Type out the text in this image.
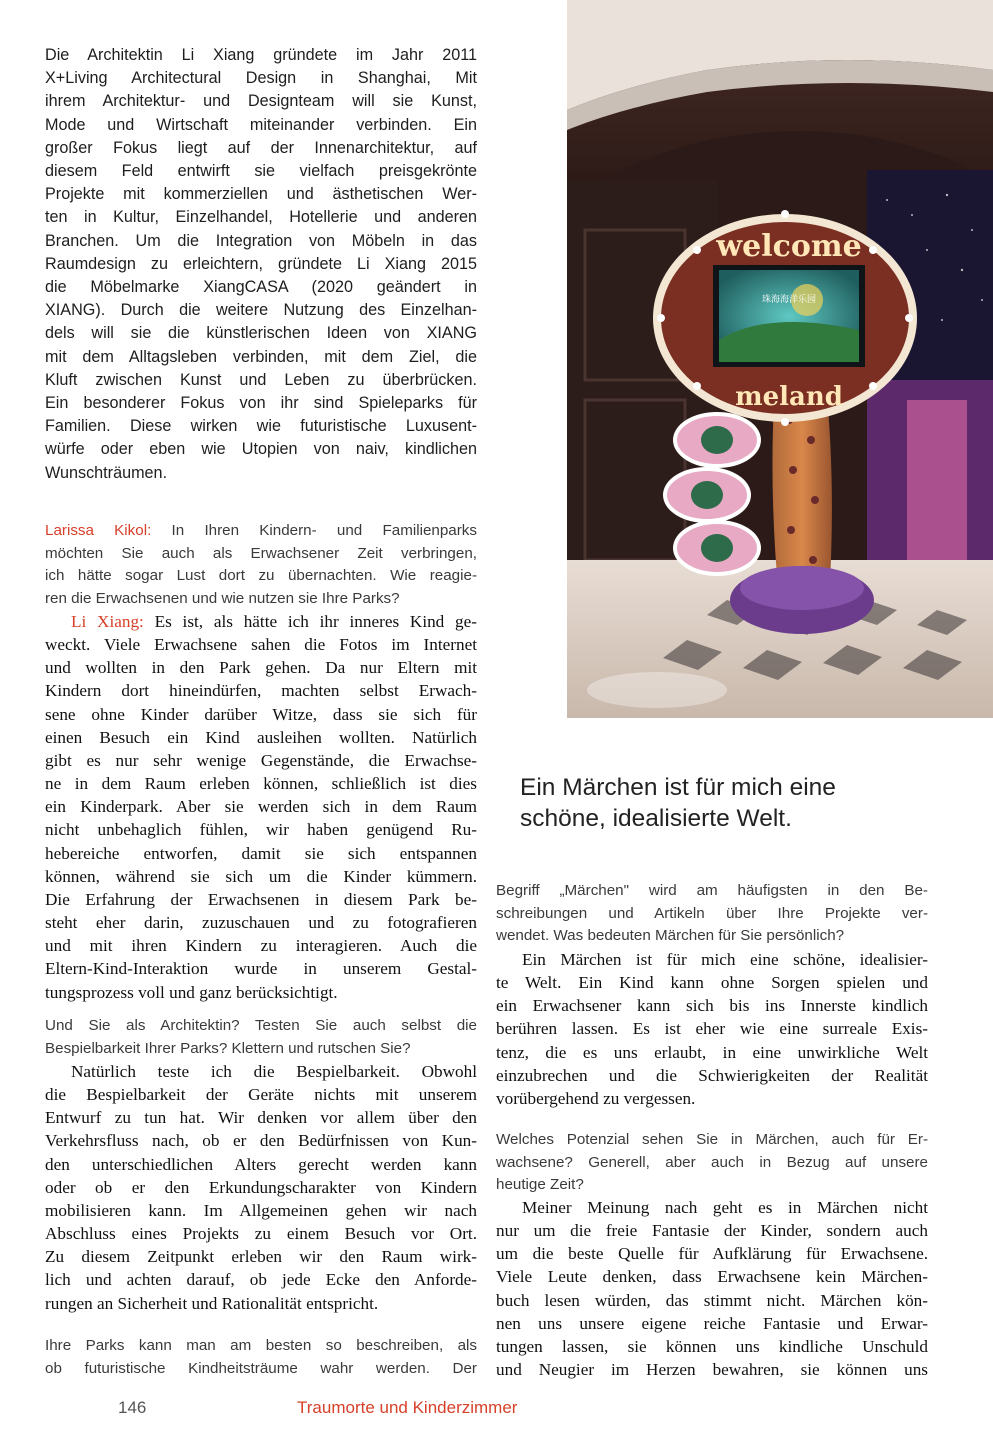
Die Architektin Li Xiang gründete im Jahr 2011

X+Living Architectural Design in Shanghai, Mit

ihrem Architektur- und Designteam will sie Kunst,

Mode und Wirtschaft miteinander verbinden. Ein

großer Fokus liegt auf der Innenarchitektur, auf

diesem Feld entwirft sie vielfach preisgekrönte

Projekte mit kommerziellen und ästhetischen Wer-

ten in Kultur, Einzelhandel, Hotellerie und anderen

Branchen. Um die Integration von Möbeln in das

Raumdesign zu erleichtern, gründete Li Xiang 2015

die Möbelmarke XiangCASA (2020 geändert in

XIANG). Durch die weitere Nutzung des Einzelhan-

dels will sie die künstlerischen Ideen von XIANG

mit dem Alltagsleben verbinden, mit dem Ziel, die

Kluft zwischen Kunst und Leben zu überbrücken.

Ein besonderer Fokus von ihr sind Spieleparks für

Familien. Diese wirken wie futuristische Luxusent-

würfe oder eben wie Utopien von naiv, kindlichen

Wunschträumen.

Larissa Kikol: In Ihren Kindern- und Familienparks

möchten Sie auch als Erwachsener Zeit verbringen,

ich hätte sogar Lust dort zu übernachten. Wie reagie-

ren die Erwachsenen und wie nutzen sie Ihre Parks?

Li Xiang: Es ist, als hätte ich ihr inneres Kind ge-

weckt. Viele Erwachsene sahen die Fotos im Internet

und wollten in den Park gehen. Da nur Eltern mit

Kindern dort hineindürfen, machten selbst Erwach-

sene ohne Kinder darüber Witze, dass sie sich für

einen Besuch ein Kind ausleihen wollten. Natürlich

gibt es nur sehr wenige Gegenstände, die Erwachse-

ne in dem Raum erleben können, schließlich ist dies

ein Kinderpark. Aber sie werden sich in dem Raum

nicht unbehaglich fühlen, wir haben genügend Ru-

hebereiche entworfen, damit sie sich entspannen

können, während sie sich um die Kinder kümmern.

Die Erfahrung der Erwachsenen in diesem Park be-

steht eher darin, zuzuschauen und zu fotografieren

und mit ihren Kindern zu interagieren. Auch die

Eltern-Kind-Interaktion wurde in unserem Gestal-

tungsprozess voll und ganz berücksichtigt.

Und Sie als Architektin? Testen Sie auch selbst die

Bespielbarkeit Ihrer Parks? Klettern und rutschen Sie?

Natürlich teste ich die Bespielbarkeit. Obwohl

die Bespielbarkeit der Geräte nichts mit unserem

Entwurf zu tun hat. Wir denken vor allem über den

Verkehrsfluss nach, ob er den Bedürfnissen von Kun-

den unterschiedlichen Alters gerecht werden kann

oder ob er den Erkundungscharakter von Kindern

mobilisieren kann. Im Allgemeinen gehen wir nach

Abschluss eines Projekts zu einem Besuch vor Ort.

Zu diesem Zeitpunkt erleben wir den Raum wirk-

lich und achten darauf, ob jede Ecke den Anforde-

rungen an Sicherheit und Rationalität entspricht.

Ihre Parks kann man am besten so beschreiben, als

ob futuristische Kindheitsträume wahr werden. Der

珠海海洋乐园
welcome
meland

Ein Märchen ist für mich eine

schöne, idealisierte Welt.

Begriff „Märchen" wird am häufigsten in den Be-

schreibungen und Artikeln über Ihre Projekte ver-

wendet. Was bedeuten Märchen für Sie persönlich?

Ein Märchen ist für mich eine schöne, idealisier-

te Welt. Ein Kind kann ohne Sorgen spielen und

ein Erwachsener kann sich bis ins Innerste kindlich

berühren lassen. Es ist eher wie eine surreale Exis-

tenz, die es uns erlaubt, in eine unwirkliche Welt

einzubrechen und die Schwierigkeiten der Realität

vorübergehend zu vergessen.

Welches Potenzial sehen Sie in Märchen, auch für Er-

wachsene? Generell, aber auch in Bezug auf unsere

heutige Zeit?

Meiner Meinung nach geht es in Märchen nicht

nur um die freie Fantasie der Kinder, sondern auch

um die beste Quelle für Aufklärung für Erwachsene.

Viele Leute denken, dass Erwachsene kein Märchen-

buch lesen würden, das stimmt nicht. Märchen kön-

nen uns unsere eigene reiche Fantasie und Erwar-

tungen lassen, sie können uns kindliche Unschuld

und Neugier im Herzen bewahren, sie können uns

146	Traumorte und Kinderzimmer
